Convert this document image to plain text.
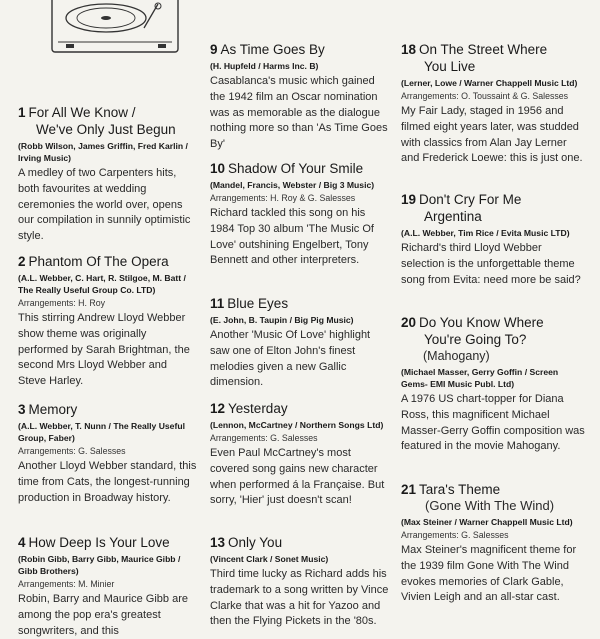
1 For All We Know /
We've Only Just Begun
(Robb Wilson, James Griffin, Fred Karlin / Irving Music)
A medley of two Carpenters hits, both favourites at wedding ceremonies the world over, opens our compilation in sunnily optimistic style.
2 Phantom Of The Opera
(A.L. Webber, C. Hart, R. Stilgoe, M. Batt / The Really Useful Group Co. LTD)
Arrangements: H. Roy
This stirring Andrew Lloyd Webber show theme was originally performed by Sarah Brightman, the second Mrs Lloyd Webber and Steve Harley.
3 Memory
(A.L. Webber, T. Nunn / The Really Useful Group, Faber)
Arrangements: G. Salesses
Another Lloyd Webber standard, this time from Cats, the longest-running production in Broadway history.
4 How Deep Is Your Love
(Robin Gibb, Barry Gibb, Maurice Gibb / Gibb Brothers)
Arrangements: M. Minier
Robin, Barry and Maurice Gibb are among the pop era's greatest songwriters, and this
9 As Time Goes By
(H. Hupfeld / Harms Inc. B)
Casablanca's music which gained the 1942 film an Oscar nomination was as memorable as the dialogue nothing more so than 'As Time Goes By'
10 Shadow Of Your Smile
(Mandel, Francis, Webster / Big 3 Music)
Arrangements: H. Roy & G. Salesses
Richard tackled this song on his 1984 Top 30 album 'The Music Of Love' outshining Engelbert, Tony Bennett and other interpreters.
11 Blue Eyes
(E. John, B. Taupin / Big Pig Music)
Another 'Music Of Love' highlight saw one of Elton John's finest melodies given a new Gallic dimension.
12 Yesterday
(Lennon, McCartney / Northern Songs Ltd)
Arrangements: G. Salesses
Even Paul McCartney's most covered song gains new character when performed á la Française. But sorry, 'Hier' just doesn't scan!
13 Only You
(Vincent Clark / Sonet Music)
Third time lucky as Richard adds his trademark to a song written by Vince Clarke that was a hit for Yazoo and then the Flying Pickets in the '80s.
18 On The Street Where
You Live
(Lerner, Lowe / Warner Chappell Music Ltd)
Arrangements: O. Toussaint & G. Salesses
My Fair Lady, staged in 1956 and filmed eight years later, was studded with classics from Alan Jay Lerner and Frederick Loewe: this is just one.
19 Don't Cry For Me
Argentina
(A.L. Webber, Tim Rice / Evita Music LTD)
Richard's third Lloyd Webber selection is the unforgettable theme song from Evita: need more be said?
20 Do You Know Where
You're Going To?
(Mahogany)
(Michael Masser, Gerry Goffin / Screen Gems- EMI Music Publ. Ltd)
A 1976 US chart-topper for Diana Ross, this magnificent Michael Masser-Gerry Goffin composition was featured in the movie Mahogany.
21 Tara's Theme
(Gone With The Wind)
(Max Steiner / Warner Chappell Music Ltd)
Arrangements: G. Salesses
Max Steiner's magnificent theme for the 1939 film Gone With The Wind evokes memories of Clark Gable, Vivien Leigh and an all-star cast.
